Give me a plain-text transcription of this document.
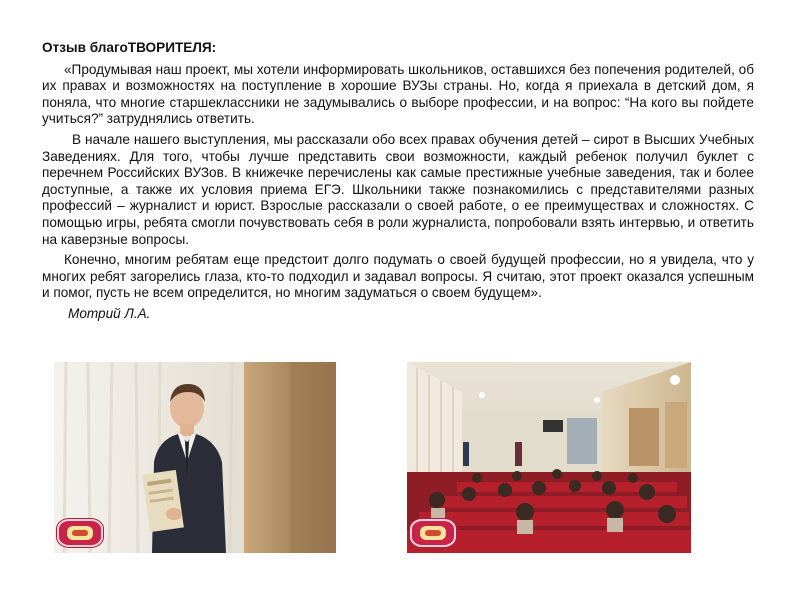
Отзыв благоТВОРИТЕЛЯ:

«Продумывая наш проект, мы хотели информировать школьников, оставшихся без попечения родителей, об их правах и возможностях на поступление в хорошие ВУЗы страны. Но, когда я приехала в детский дом, я поняла, что многие старшеклассники не задумывались о выборе профессии, и на вопрос: “На кого вы пойдете учиться?” затруднялись ответить.

В начале нашего выступления, мы рассказали обо всех правах обучения детей – сирот в Высших Учебных Заведениях. Для того, чтобы лучше представить свои возможности, каждый ребенок получил буклет с перечнем Российских ВУЗов. В книжечке перечислены как самые престижные учебные заведения, так и более доступные, а также их условия приема ЕГЭ. Школьники также познакомились с представителями разных профессий – журналист и юрист. Взрослые рассказали о своей работе, о ее преимуществах и сложностях. С помощью игры, ребята смогли почувствовать себя в роли журналиста, попробовали взять интервью, и ответить на каверзные вопросы.

Конечно, многим ребятам еще предстоит долго подумать о своей будущей профессии, но я увидела, что у многих ребят загорелись глаза, кто-то подходил и задавал вопросы. Я считаю, этот проект оказался успешным и помог, пусть не всем определится, но многим задуматься о своем будущем».

Мотрий Л.А.
